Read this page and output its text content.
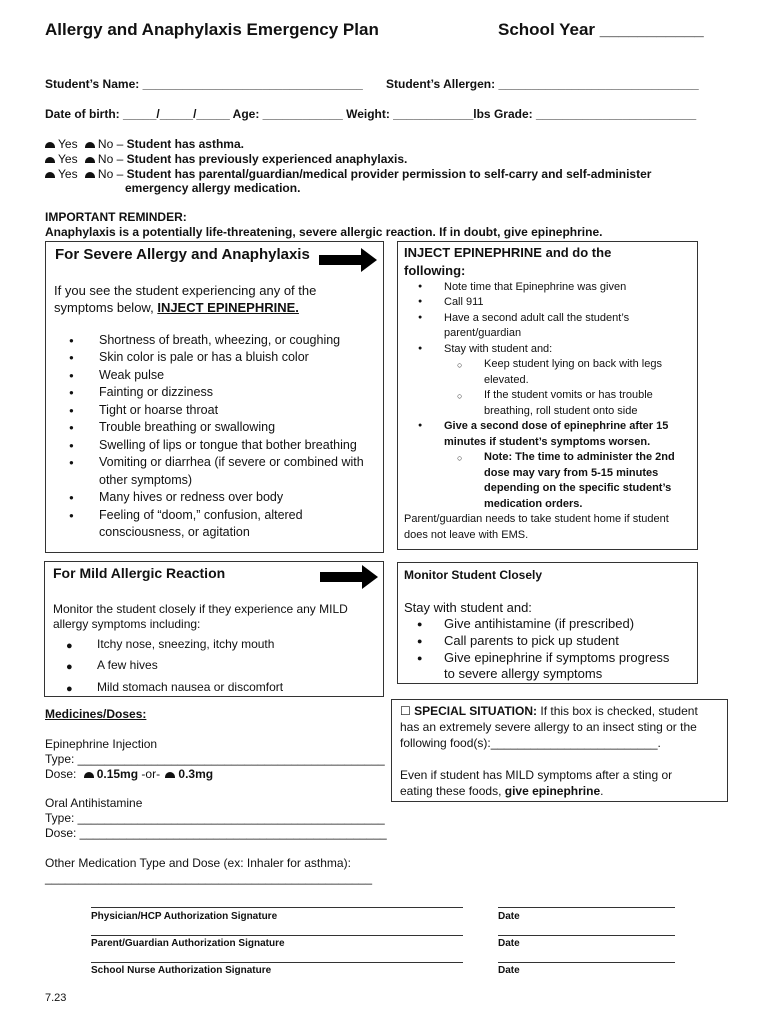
Allergy and Anaphylaxis Emergency Plan	School Year ___________
Student’s Name: _________________________________ Student’s Allergen: ______________________________
Date of birth: _____/_____/_____ Age: ____________ Weight: ____________lbs Grade: ________________________
Yes No – Student has asthma.
Yes No – Student has previously experienced anaphylaxis.
Yes No – Student has parental/guardian/medical provider permission to self-carry and self-administer
emergency allergy medication.
IMPORTANT REMINDER:
Anaphylaxis is a potentially life-threatening, severe allergic reaction. If in doubt, give epinephrine.
For Severe Allergy and Anaphylaxis
If you see the student experiencing any of the
symptoms below, INJECT EPINEPHRINE.
INJECT EPINEPHRINE and do the
following:
Parent/guardian needs to take student home if student
does not leave with EMS.
For Mild Allergic Reaction
Monitor the student closely if they experience any MILD
allergy symptoms including:
Monitor Student Closely
Stay with student and:
Medicines/Doses:
Epinephrine Injection
Type: ______________________________________________
Dose: 0.15mg -or- 0.3mg
Oral Antihistamine
Type: ______________________________________________
Dose: ______________________________________________
Other Medication Type and Dose (ex: Inhaler for asthma):
_________________________________________________
☐ SPECIAL SITUATION: If this box is checked, student
has an extremely severe allergy to an insect sting or the
following food(s):_________________________.
Even if student has MILD symptoms after a sting or
eating these foods, give epinephrine.
Physician/HCP Authorization Signature	Date
Parent/Guardian Authorization Signature	Date
School Nurse Authorization Signature	Date
7.23
● Shortness of breath, wheezing, or coughing
● Skin color is pale or has a bluish color
● Weak pulse
● Fainting or dizziness
● Tight or hoarse throat
● Trouble breathing or swallowing
● Swelling of lips or tongue that bother breathing
● Vomiting or diarrhea (if severe or combined with
other symptoms)
● Many hives or redness over body
● Feeling of “doom,” confusion, altered
consciousness, or agitation
● Note time that Epinephrine was given
● Call 911
● Have a second adult call the student’s
parent/guardian
● Stay with student and:
○ Keep student lying on back with legs
elevated.
○ If the student vomits or has trouble
breathing, roll student onto side
● Give a second dose of epinephrine after 15
minutes if student’s symptoms worsen.
○ Note: The time to administer the 2nd
dose may vary from 5-15 minutes
depending on the specific student’s
medication orders.
● Itchy nose, sneezing, itchy mouth
● A few hives
● Mild stomach nausea or discomfort
● Give antihistamine (if prescribed)
● Call parents to pick up student
● Give epinephrine if symptoms progress
to severe allergy symptoms
